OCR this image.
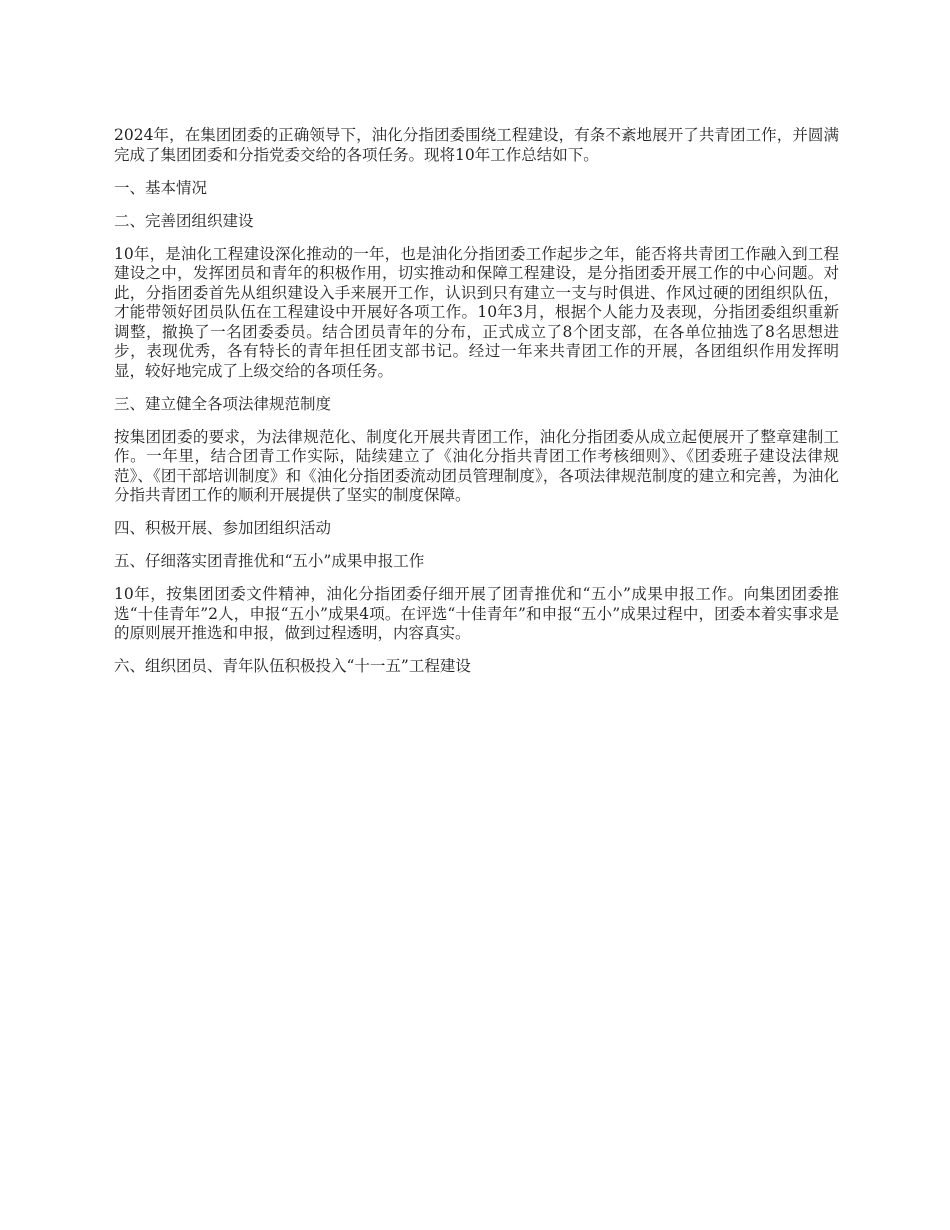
2024年，在集团团委的正确领导下，油化分指团委围绕工程建设，有条不紊地展开了共青团工作，并圆满完成了集团团委和分指党委交给的各项任务。现将10年工作总结如下。

一、基本情况

二、完善团组织建设

10年，是油化工程建设深化推动的一年，也是油化分指团委工作起步之年，能否将共青团工作融入到工程建设之中，发挥团员和青年的积极作用，切实推动和保障工程建设，是分指团委开展工作的中心问题。对此，分指团委首先从组织建设入手来展开工作，认识到只有建立一支与时俱进、作风过硬的团组织队伍，才能带领好团员队伍在工程建设中开展好各项工作。10年3月，根据个人能力及表现，分指团委组织重新调整，撤换了一名团委委员。结合团员青年的分布，正式成立了8个团支部，在各单位抽选了8名思想进步，表现优秀，各有特长的青年担任团支部书记。经过一年来共青团工作的开展，各团组织作用发挥明显，较好地完成了上级交给的各项任务。

三、建立健全各项法律规范制度

按集团团委的要求，为法律规范化、制度化开展共青团工作，油化分指团委从成立起便展开了整章建制工作。一年里，结合团青工作实际，陆续建立了《油化分指共青团工作考核细则》、《团委班子建设法律规范》、《团干部培训制度》和《油化分指团委流动团员管理制度》，各项法律规范制度的建立和完善，为油化分指共青团工作的顺利开展提供了坚实的制度保障。

四、积极开展、参加团组织活动

五、仔细落实团青推优和“五小”成果申报工作

10年，按集团团委文件精神，油化分指团委仔细开展了团青推优和“五小”成果申报工作。向集团团委推选“十佳青年”2人，申报“五小”成果4项。在评选“十佳青年”和申报“五小”成果过程中，团委本着实事求是的原则展开推选和申报，做到过程透明，内容真实。

六、组织团员、青年队伍积极投入“十一五”工程建设
